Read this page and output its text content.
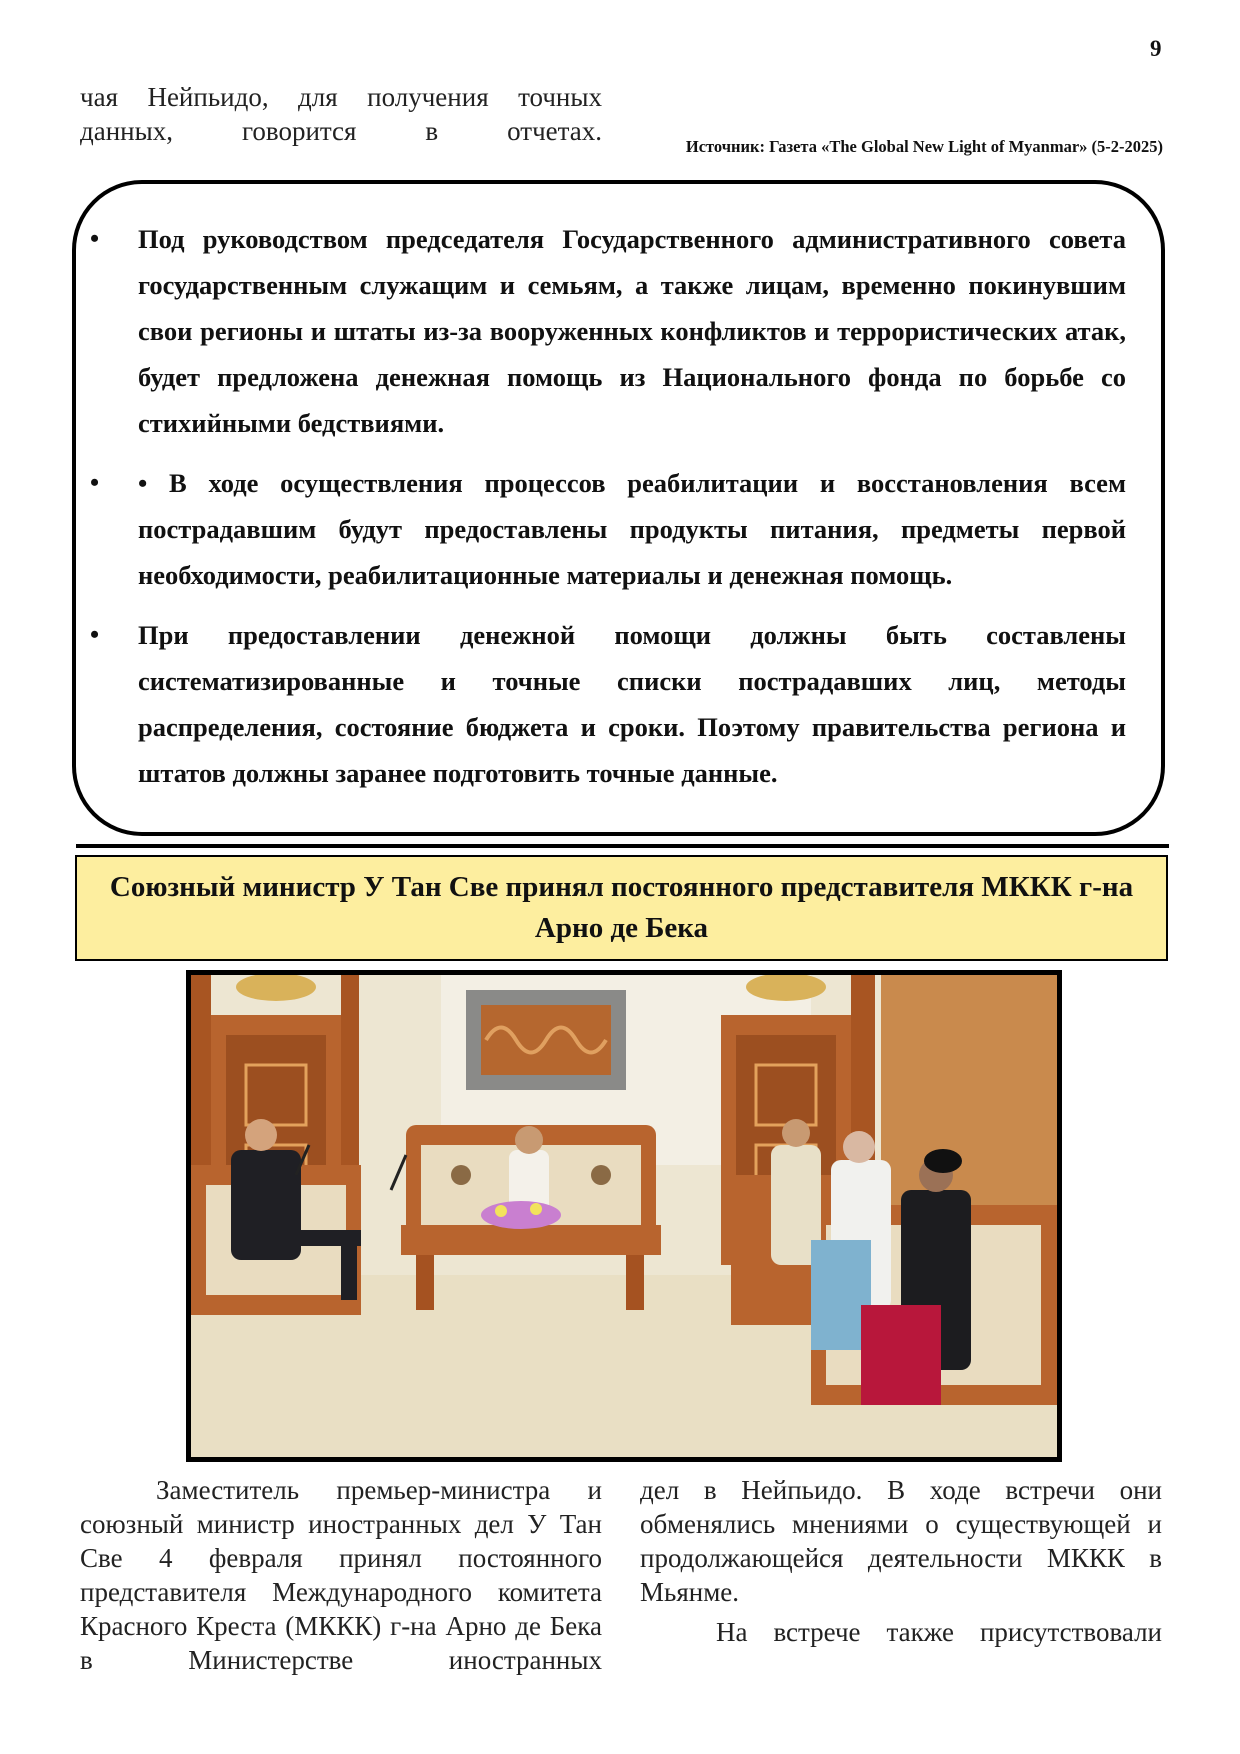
9
чая Нейпьидо, для получения точных данных, говорится в отчетах.
Источник: Газета «The Global New Light of Myanmar» (5-2-2025)
• Под руководством председателя Государственного административного совета государственным служащим и семьям, а также лицам, временно покинувшим свои регионы и штаты из-за вооруженных конфликтов и террористических атак, будет предложена денежная помощь из Национального фонда по борьбе со стихийными бедствиями.
• • В ходе осуществления процессов реабилитации и восстановления всем пострадавшим будут предоставлены продукты питания, предметы первой необходимости, реабилитационные материалы и денежная помощь.
• При предоставлении денежной помощи должны быть составлены систематизированные и точные списки пострадавших лиц, методы распределения, состояние бюджета и сроки. Поэтому правительства региона и штатов должны заранее подготовить точные данные.
Союзный министр У Тан Све принял постоянного представителя МККК г-на Арно де Бека

Заместитель премьер-министра и союзный министр иностранных дел У Тан Све 4 февраля принял постоянного представителя Международного комитета Красного Креста (МККК) г-на Арно де Бека в Министерстве иностранных

дел в Нейпьидо. В ходе встречи они обменялись мнениями о существующей и продолжающейся деятельности МККК в Мьянме.

На встрече также присутствовали
